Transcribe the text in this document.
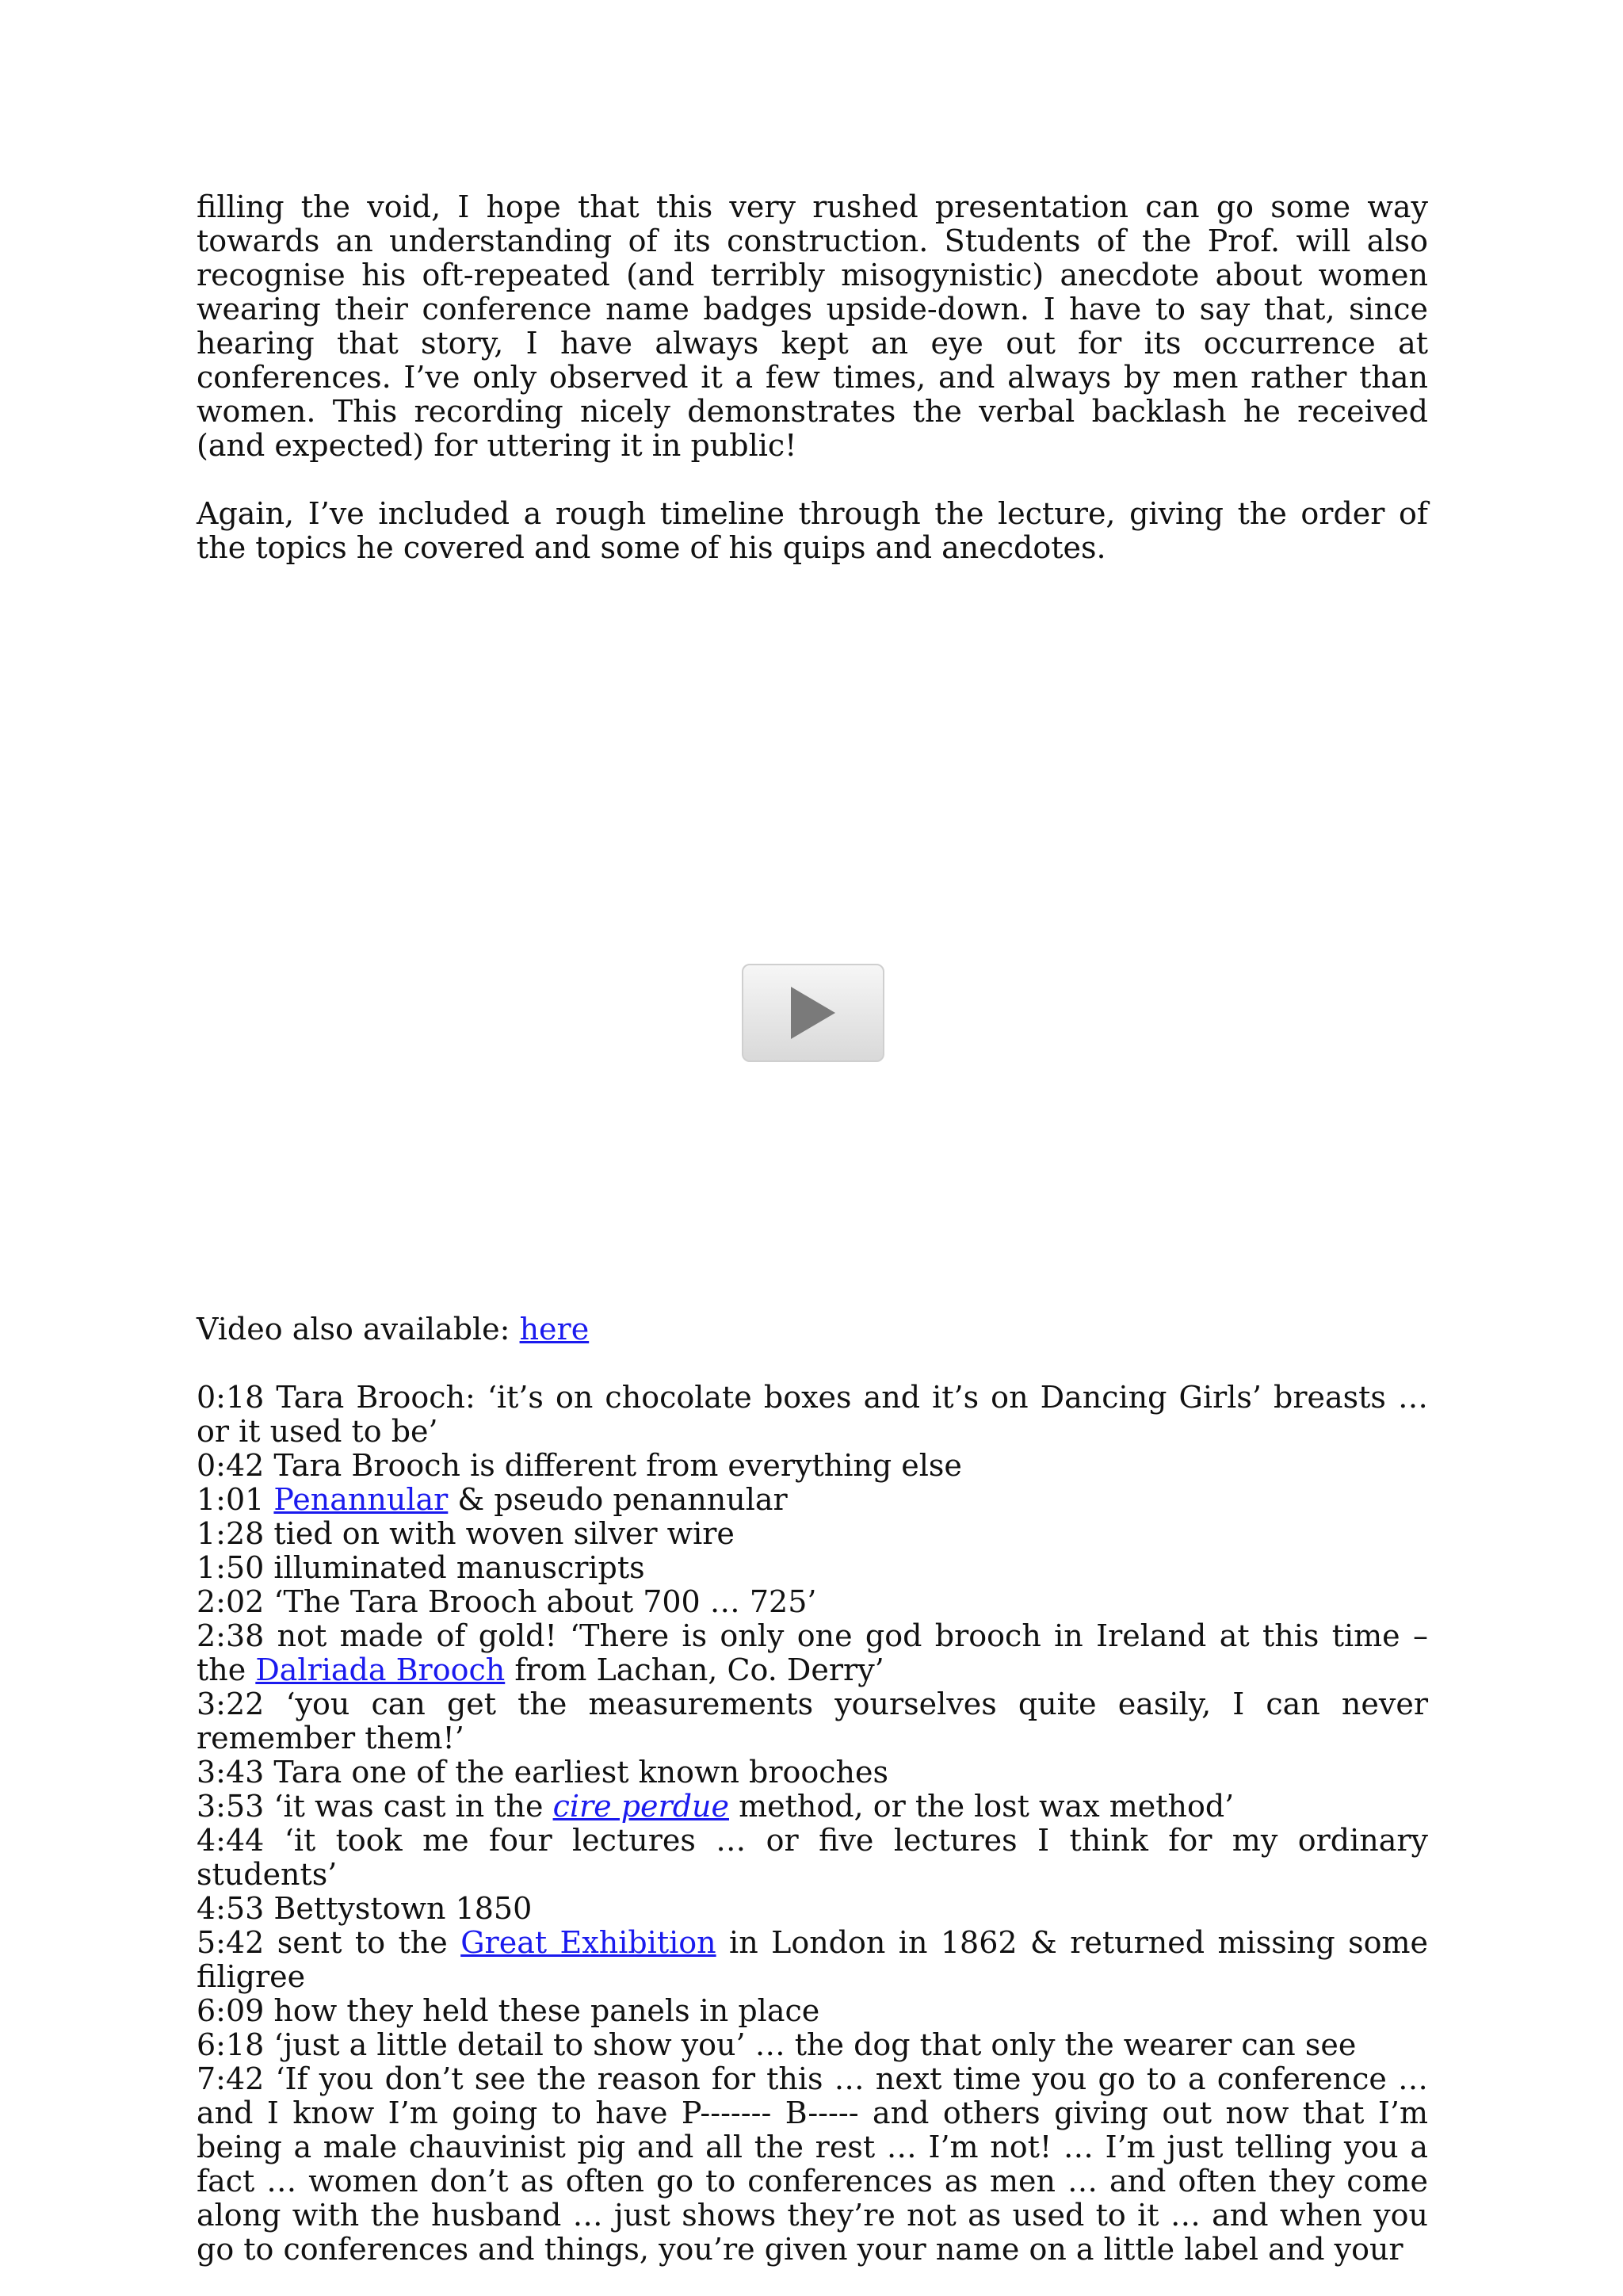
filling the void, I hope that this very rushed presentation can go some way towards an understanding of its construction. Students of the Prof. will also recognise his oft-repeated (and terribly misogynistic) anecdote about women wearing their conference name badges upside-down. I have to say that, since hearing that story, I have always kept an eye out for its occurrence at conferences. I’ve only observed it a few times, and always by men rather than women. This recording nicely demonstrates the verbal backlash he received (and expected) for uttering it in public!

Again, I’ve included a rough timeline through the lecture, giving the order of the topics he covered and some of his quips and anecdotes.

Video also available: here

0:18 Tara Brooch: ‘it’s on chocolate boxes and it’s on Dancing Girls’ breasts … or it used to be’

0:42 Tara Brooch is different from everything else

1:01 Penannular & pseudo penannular

1:28 tied on with woven silver wire

1:50 illuminated manuscripts

2:02 ‘The Tara Brooch about 700 … 725’

2:38 not made of gold! ‘There is only one god brooch in Ireland at this time – the Dalriada Brooch from Lachan, Co. Derry’

3:22 ‘you can get the measurements yourselves quite easily, I can never remember them!’

3:43 Tara one of the earliest known brooches

3:53 ‘it was cast in the cire perdue method, or the lost wax method’

4:44 ‘it took me four lectures … or five lectures I think for my ordinary students’

4:53 Bettystown 1850

5:42 sent to the Great Exhibition in London in 1862 & returned missing some filigree

6:09 how they held these panels in place

6:18 ‘just a little detail to show you’ … the dog that only the wearer can see

7:42 ‘If you don’t see the reason for this … next time you go to a conference … and I know I’m going to have P------- B----- and others giving out now that I’m being a male chauvinist pig and all the rest … I’m not! … I’m just telling you a fact … women don’t as often go to conferences as men … and often they come along with the husband … just shows they’re not as used to it … and when you go to conferences and things, you’re given your name on a little label and your
